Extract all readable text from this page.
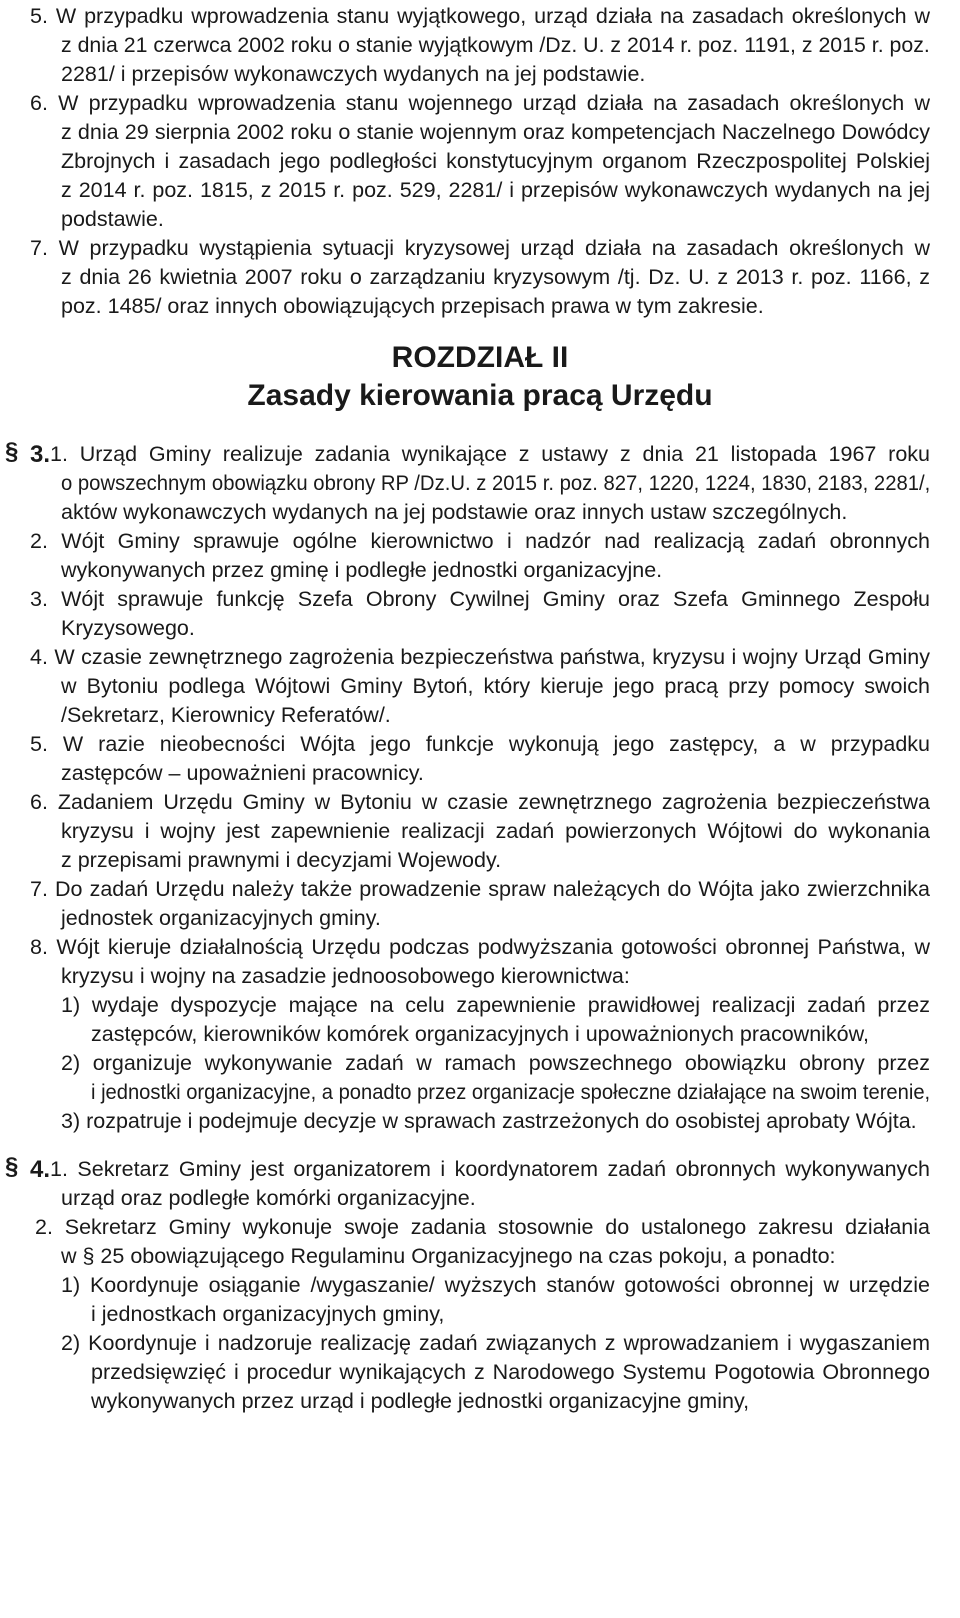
5. W przypadku wprowadzenia stanu wyjątkowego, urząd działa na zasadach określonych w
z dnia 21 czerwca 2002 roku o stanie wyjątkowym /Dz. U. z 2014 r. poz. 1191, z 2015 r. poz.
2281/ i przepisów wykonawczych wydanych na jej podstawie.
6. W przypadku wprowadzenia stanu wojennego urząd działa na zasadach określonych w
z dnia 29 sierpnia 2002 roku o stanie wojennym oraz kompetencjach Naczelnego Dowódcy
Zbrojnych i zasadach jego podległości konstytucyjnym organom Rzeczpospolitej Polskiej
z 2014 r. poz. 1815, z 2015 r. poz. 529, 2281/ i przepisów wykonawczych wydanych na jej
podstawie.
7. W przypadku wystąpienia sytuacji kryzysowej urząd działa na zasadach określonych w
z dnia 26 kwietnia 2007 roku o zarządzaniu kryzysowym /tj. Dz. U. z 2013 r. poz. 1166, z
poz. 1485/ oraz innych obowiązujących przepisach prawa w tym zakresie.
ROZDZIAŁ II
Zasady kierowania pracą Urzędu
§ 3. 1. Urząd Gminy realizuje zadania wynikające z ustawy z dnia 21 listopada 1967 roku
o powszechnym obowiązku obrony RP /Dz.U. z 2015 r. poz. 827, 1220, 1224, 1830, 2183, 2281/,
aktów wykonawczych wydanych na jej podstawie oraz innych ustaw szczególnych.
2. Wójt Gminy sprawuje ogólne kierownictwo i nadzór nad realizacją zadań obronnych
wykonywanych przez gminę i podległe jednostki organizacyjne.
3. Wójt sprawuje funkcję Szefa Obrony Cywilnej Gminy oraz Szefa Gminnego Zespołu
Kryzysowego.
4. W czasie zewnętrznego zagrożenia bezpieczeństwa państwa, kryzysu i wojny Urząd Gminy
w Bytoniu podlega Wójtowi Gminy Bytoń, który kieruje jego pracą przy pomocy swoich
/Sekretarz, Kierownicy Referatów/.
5. W razie nieobecności Wójta jego funkcje wykonują jego zastępcy, a w przypadku
zastępców – upoważnieni pracownicy.
6. Zadaniem Urzędu Gminy w Bytoniu w czasie zewnętrznego zagrożenia bezpieczeństwa
kryzysu i wojny jest zapewnienie realizacji zadań powierzonych Wójtowi do wykonania
z przepisami prawnymi i decyzjami Wojewody.
7. Do zadań Urzędu należy także prowadzenie spraw należących do Wójta jako zwierzchnika
jednostek organizacyjnych gminy.
8. Wójt kieruje działalnością Urzędu podczas podwyższania gotowości obronnej Państwa, w
kryzysu i wojny na zasadzie jednoosobowego kierownictwa:
1) wydaje dyspozycje mające na celu zapewnienie prawidłowej realizacji zadań przez
zastępców, kierowników komórek organizacyjnych i upoważnionych pracowników,
2) organizuje wykonywanie zadań w ramach powszechnego obowiązku obrony przez
i jednostki organizacyjne, a ponadto przez organizacje społeczne działające na swoim terenie,
3) rozpatruje i podejmuje decyzje w sprawach zastrzeżonych do osobistej aprobaty Wójta.
§ 4. 1. Sekretarz Gminy jest organizatorem i koordynatorem zadań obronnych wykonywanych
urząd oraz podległe komórki organizacyjne.
2. Sekretarz Gminy wykonuje swoje zadania stosownie do ustalonego zakresu działania
w § 25 obowiązującego Regulaminu Organizacyjnego na czas pokoju, a ponadto:
1) Koordynuje osiąganie /wygaszanie/ wyższych stanów gotowości obronnej w urzędzie
i jednostkach organizacyjnych gminy,
2) Koordynuje i nadzoruje realizację zadań związanych z wprowadzaniem i wygaszaniem
przedsięwzięć i procedur wynikających z Narodowego Systemu Pogotowia Obronnego
wykonywanych przez urząd i podległe jednostki organizacyjne gminy,
